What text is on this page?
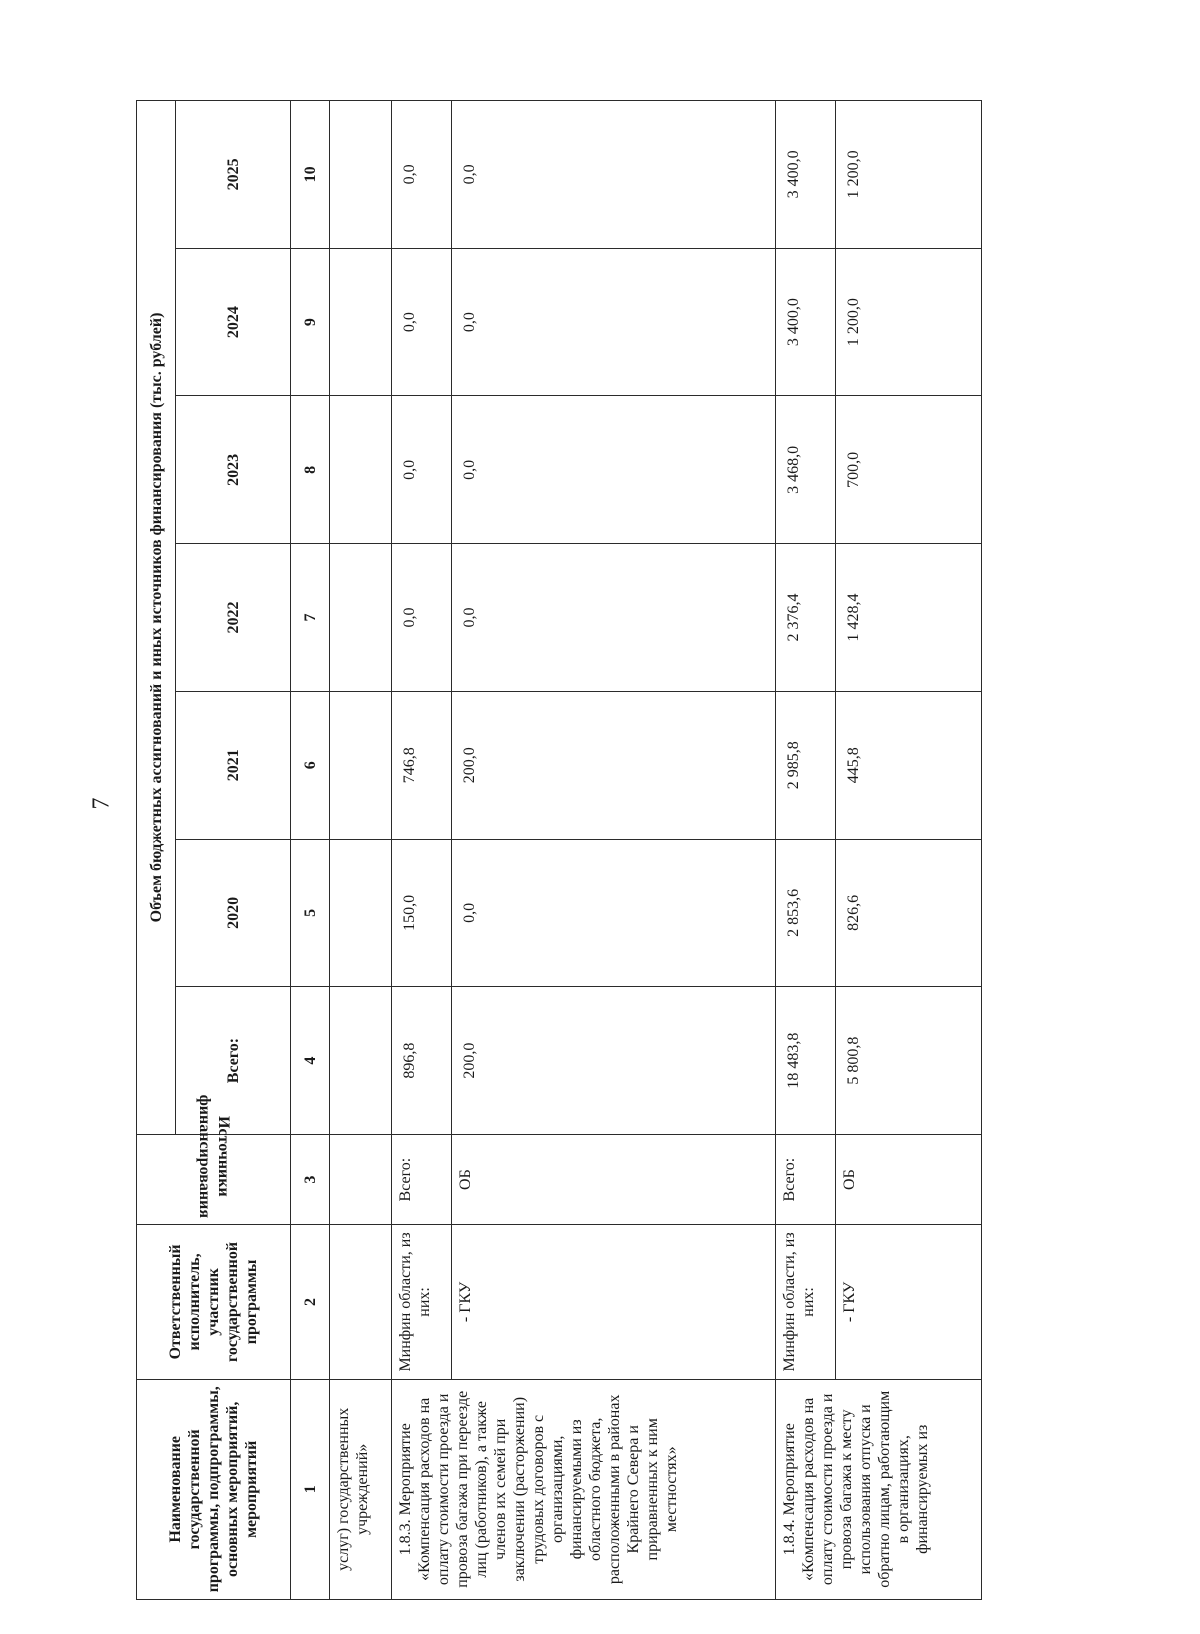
7
Наименование государственной программы, подпрограммы, основных мероприятий, мероприятий	Ответственный исполнитель, участник государственной программы	Источники финансирования	Объем бюджетных ассигнований и иных источников финансирования (тыс. рублей)						
			Всего:	2020	2021	2022	2023	2024	2025
1	2	3	4	5	6	7	8	9	10
услуг) государственных учреждений»									
1.8.3. Мероприятие «Компенсация расходов на оплату стоимости проезда и провоза багажа при переезде лиц (работников), а также членов их семей при заключении (расторжении) трудовых договоров с организациями, финансируемыми из областного бюджета, расположенными в районах Крайнего Севера и приравненных к ним местностях»	Минфин области, из них:	Всего:	896,8	150,0	746,8	0,0	0,0	0,0	0,0
	- ГКУ	ОБ	200,0	0,0	200,0	0,0	0,0	0,0	0,0
1.8.4. Мероприятие «Компенсация расходов на оплату стоимости проезда и провоза багажа к месту использования отпуска и обратно лицам, работающим в организациях, финансируемых из	Минфин области, из них:	Всего:	18 483,8	2 853,6	2 985,8	2 376,4	3 468,0	3 400,0	3 400,0
	- ГКУ	ОБ	5 800,8	826,6	445,8	1 428,4	700,0	1 200,0	1 200,0
